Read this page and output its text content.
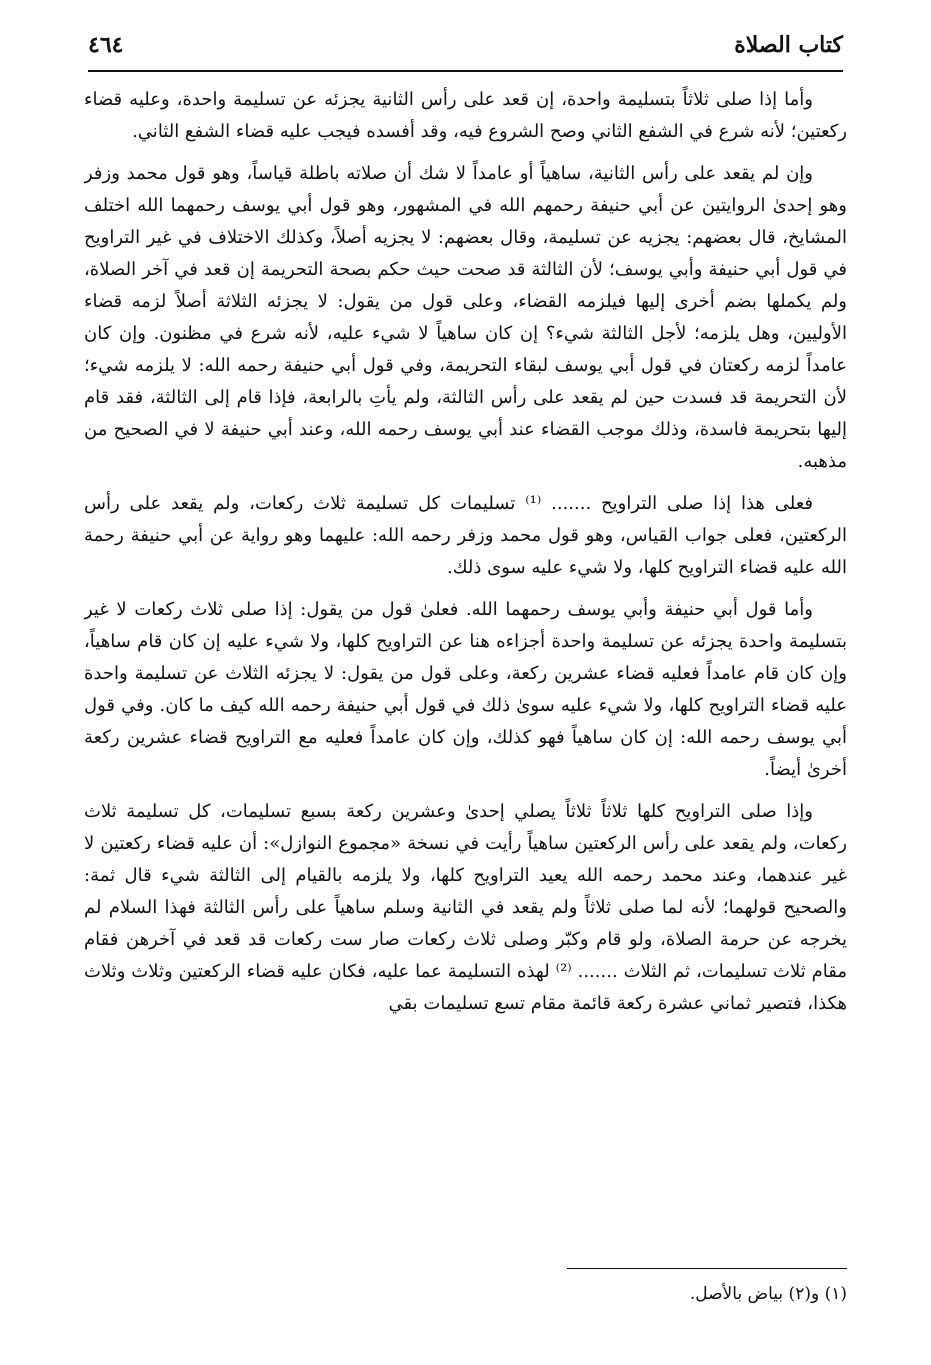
كتاب الصلاة
٤٦٤

وأما إذا صلى ثلاثاً بتسليمة واحدة، إن قعد على رأس الثانية يجزئه عن تسليمة واحدة، وعليه قضاء ركعتين؛ لأنه شرع في الشفع الثاني وصح الشروع فيه، وقد أفسده فيجب عليه قضاء الشفع الثاني.

وإن لم يقعد على رأس الثانية، ساهياً أو عامداً لا شك أن صلاته باطلة قياساً، وهو قول محمد وزفر وهو إحدىٰ الروايتين عن أبي حنيفة رحمهم الله في المشهور، وهو قول أبي يوسف رحمهما الله اختلف المشايخ، قال بعضهم: يجزيه عن تسليمة، وقال بعضهم: لا يجزيه أصلاً، وكذلك الاختلاف في غير التراويح في قول أبي حنيفة وأبي يوسف؛ لأن الثالثة قد صحت حيث حكم بصحة التحريمة إن قعد في آخر الصلاة، ولم يكملها بضم أخرى إليها فيلزمه القضاء، وعلى قول من يقول: لا يجزئه الثلاثة أصلاً لزمه قضاء الأوليين، وهل يلزمه؛ لأجل الثالثة شيء؟ إن كان ساهياً لا شيء عليه، لأنه شرع في مظنون. وإن كان عامداً لزمه ركعتان في قول أبي يوسف لبقاء التحريمة، وفي قول أبي حنيفة رحمه الله: لا يلزمه شيء؛ لأن التحريمة قد فسدت حين لم يقعد على رأس الثالثة، ولم يأتِ بالرابعة، فإذا قام إلى الثالثة، فقد قام إليها بتحريمة فاسدة، وذلك موجب القضاء عند أبي يوسف رحمه الله، وعند أبي حنيفة لا في الصحيح من مذهبه.

فعلى هذا إذا صلى التراويح ....... ⁽¹⁾ تسليمات كل تسليمة ثلاث ركعات، ولم يقعد على رأس الركعتين، فعلى جواب القياس، وهو قول محمد وزفر رحمه الله: عليهما وهو رواية عن أبي حنيفة رحمة الله عليه قضاء التراويح كلها، ولا شيء عليه سوى ذلك.

وأما قول أبي حنيفة وأبي يوسف رحمهما الله. فعلىٰ قول من يقول: إذا صلى ثلاث ركعات لا غير بتسليمة واحدة يجزئه عن تسليمة واحدة أجزاءه هنا عن التراويح كلها، ولا شيء عليه إن كان قام ساهياً، وإن كان قام عامداً فعليه قضاء عشرين ركعة، وعلى قول من يقول: لا يجزئه الثلاث عن تسليمة واحدة عليه قضاء التراويح كلها، ولا شيء عليه سوىٰ ذلك في قول أبي حنيفة رحمه الله كيف ما كان. وفي قول أبي يوسف رحمه الله: إن كان ساهياً فهو كذلك، وإن كان عامداً فعليه مع التراويح قضاء عشرين ركعة أخرىٰ أيضاً.

وإذا صلى التراويح كلها ثلاثاً ثلاثاً يصلي إحدىٰ وعشرين ركعة بسبع تسليمات، كل تسليمة ثلاث ركعات، ولم يقعد على رأس الركعتين ساهياً رأيت في نسخة «مجموع النوازل»: أن عليه قضاء ركعتين لا غير عندهما، وعند محمد رحمه الله يعيد التراويح كلها، ولا يلزمه بالقيام إلى الثالثة شيء قال ثمة: والصحيح قولهما؛ لأنه لما صلى ثلاثاً ولم يقعد في الثانية وسلم ساهياً على رأس الثالثة فهذا السلام لم يخرجه عن حرمة الصلاة، ولو قام وكبّر وصلى ثلاث ركعات صار ست ركعات قد قعد في آخرهن فقام مقام ثلاث تسليمات، ثم الثلاث ....... ⁽²⁾ لهذه التسليمة عما عليه، فكان عليه قضاء الركعتين وثلاث وثلاث هكذا، فتصير ثماني عشرة ركعة قائمة مقام تسع تسليمات بقي

(١) و(٢) بياض بالأصل.
